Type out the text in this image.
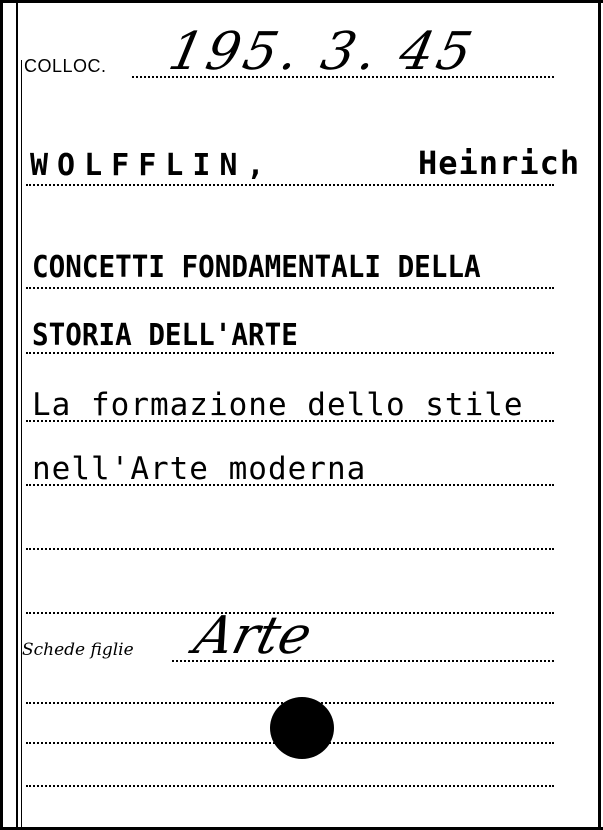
COLLOC. 195. 3. 45
WOLFFLIN,	Heinrich
CONCETTI FONDAMENTALI DELLA
STORIA DELL'ARTE
La formazione dello stile
nell'Arte moderna
Schede figlie Arte
